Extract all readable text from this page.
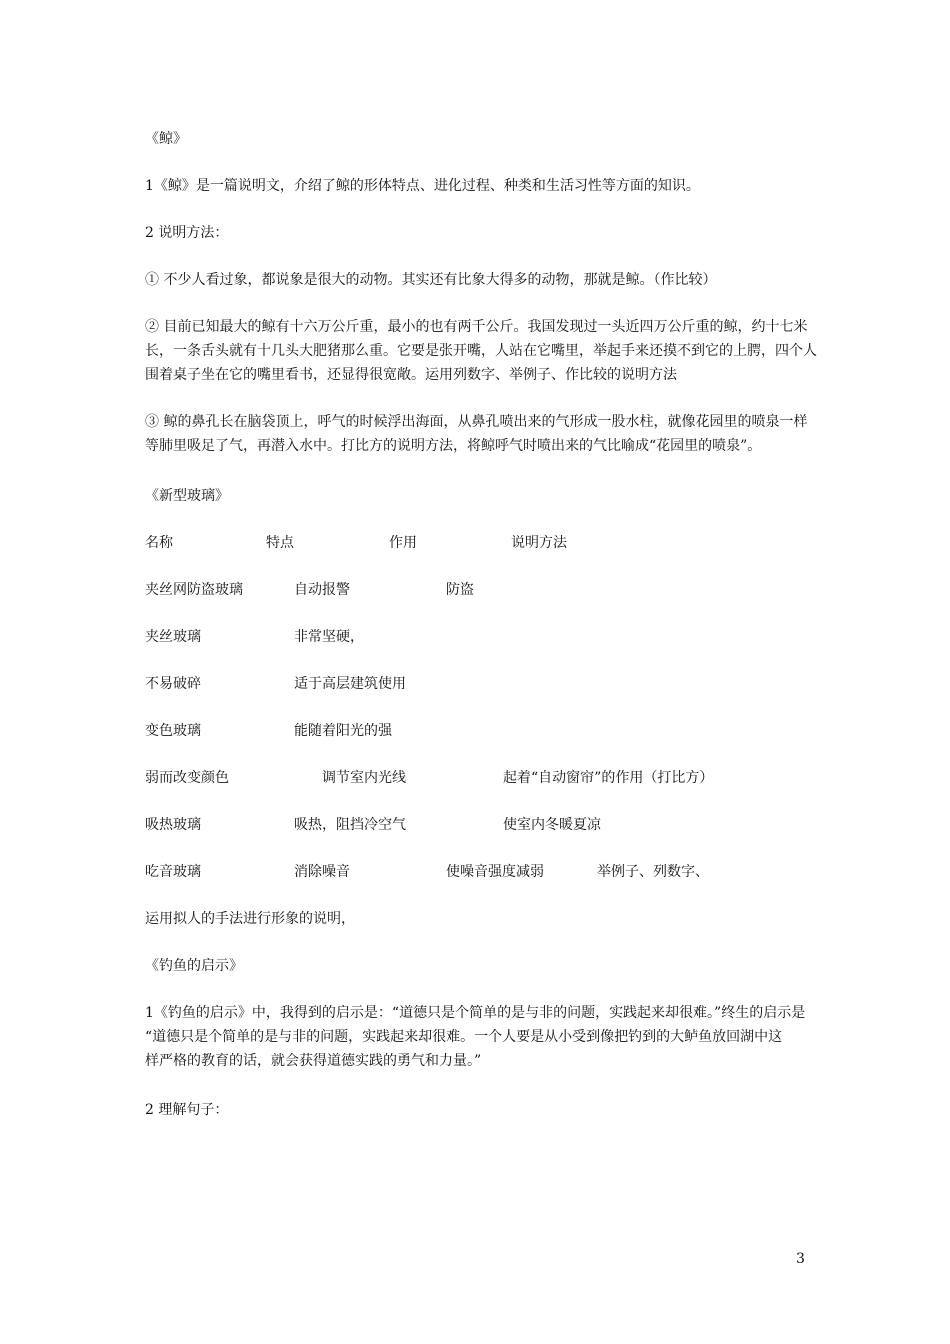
《鲸》
1《鲸》是一篇说明文，介绍了鲸的形体特点、进化过程、种类和生活习性等方面的知识。
2 说明方法：
① 不少人看过象，都说象是很大的动物。其实还有比象大得多的动物，那就是鲸。（作比较）
② 目前已知最大的鲸有十六万公斤重，最小的也有两千公斤。我国发现过一头近四万公斤重的鲸，约十七米
长，一条舌头就有十几头大肥猪那么重。它要是张开嘴，人站在它嘴里，举起手来还摸不到它的上腭，四个人
围着桌子坐在它的嘴里看书，还显得很宽敞。运用列数字、举例子、作比较的说明方法
③ 鲸的鼻孔长在脑袋顶上，呼气的时候浮出海面，从鼻孔喷出来的气形成一股水柱，就像花园里的喷泉一样
等肺里吸足了气，再潜入水中。打比方的说明方法，将鲸呼气时喷出来的气比喻成“花园里的喷泉”。
《新型玻璃》
名称	特点	作用	说明方法
夹丝网防盗玻璃	自动报警	防盗
夹丝玻璃	非常坚硬，
不易破碎	适于高层建筑使用
变色玻璃	能随着阳光的强
弱而改变颜色	调节室内光线	起着“自动窗帘”的作用（打比方）
吸热玻璃	吸热，阻挡冷空气	使室内冬暖夏凉
吃音玻璃	消除噪音	使噪音强度减弱	举例子、列数字、
运用拟人的手法进行形象的说明，
《钓鱼的启示》
1《钓鱼的启示》中，我得到的启示是：“道德只是个简单的是与非的问题，实践起来却很难。”终生的启示是
“道德只是个简单的是与非的问题，实践起来却很难。一个人要是从小受到像把钓到的大鲈鱼放回湖中这
样严格的教育的话，就会获得道德实践的勇气和力量。”
2 理解句子：
3
